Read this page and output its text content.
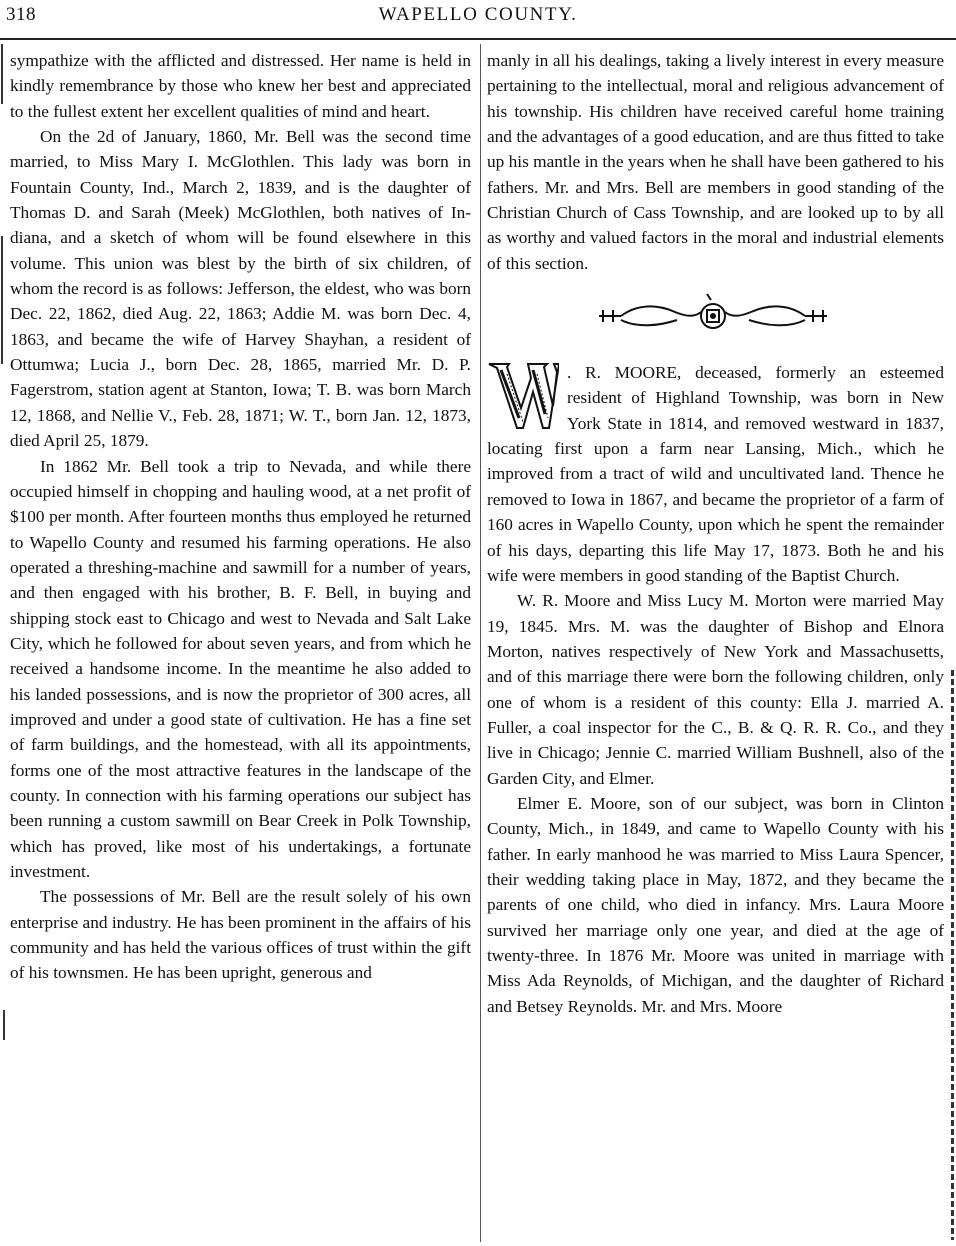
318	WAPELLO COUNTY.

sympathize with the afflicted and distressed. Her name is held in kindly remembrance by those who knew her best and appreciated to the fullest extent her excellent qualities of mind and heart.

On the 2d of January, 1860, Mr. Bell was the second time married, to Miss Mary I. McGlothlen. This lady was born in Fountain County, Ind., March 2, 1839, and is the daughter of Thomas D. and Sarah (Meek) McGlothlen, both natives of Indiana, and a sketch of whom will be found elsewhere in this volume. This union was blest by the birth of six children, of whom the record is as follows: Jefferson, the eldest, who was born Dec. 22, 1862, died Aug. 22, 1863; Addie M. was born Dec. 4, 1863, and became the wife of Harvey Shayhan, a resident of Ottumwa; Lucia J., born Dec. 28, 1865, married Mr. D. P. Fagerstrom, station agent at Stanton, Iowa; T. B. was born March 12, 1868, and Nellie V., Feb. 28, 1871; W. T., born Jan. 12, 1873, died April 25, 1879.

In 1862 Mr. Bell took a trip to Nevada, and while there occupied himself in chopping and hauling wood, at a net profit of $100 per month. After fourteen months thus employed he returned to Wapello County and resumed his farming operations. He also operated a threshing-machine and sawmill for a number of years, and then engaged with his brother, B. F. Bell, in buying and shipping stock east to Chicago and west to Nevada and Salt Lake City, which he followed for about seven years, and from which he received a handsome income. In the meantime he also added to his landed possessions, and is now the proprietor of 300 acres, all improved and under a good state of cultivation. He has a fine set of farm buildings, and the homestead, with all its appointments, forms one of the most attractive features in the landscape of the county. In connection with his farming operations our subject has been running a custom sawmill on Bear Creek in Polk Township, which has proved, like most of his undertakings, a fortunate investment.

The possessions of Mr. Bell are the result solely of his own enterprise and industry. He has been prominent in the affairs of his community and has held the various offices of trust within the gift of his townsmen. He has been upright, generous and

manly in all his dealings, taking a lively interest in every measure pertaining to the intellectual, moral and religious advancement of his township. His children have received careful home training and the advantages of a good education, and are thus fitted to take up his mantle in the years when he shall have been gathered to his fathers. Mr. and Mrs. Bell are members in good standing of the Christian Church of Cass Township, and are looked up to by all as worthy and valued factors in the moral and industrial elements of this section.

. R. MOORE, deceased, formerly an esteemed resident of Highland Township, was born in New York State in 1814, and removed westward in 1837, locating first upon a farm near Lansing, Mich., which he improved from a tract of wild and uncultivated land. Thence he removed to Iowa in 1867, and became the proprietor of a farm of 160 acres in Wapello County, upon which he spent the remainder of his days, departing this life May 17, 1873. Both he and his wife were members in good standing of the Baptist Church.

W. R. Moore and Miss Lucy M. Morton were married May 19, 1845. Mrs. M. was the daughter of Bishop and Elnora Morton, natives respectively of New York and Massachusetts, and of this marriage there were born the following children, only one of whom is a resident of this county: Ella J. married A. Fuller, a coal inspector for the C., B. & Q. R. R. Co., and they live in Chicago; Jennie C. married William Bushnell, also of the Garden City, and Elmer.

Elmer E. Moore, son of our subject, was born in Clinton County, Mich., in 1849, and came to Wapello County with his father. In early manhood he was married to Miss Laura Spencer, their wedding taking place in May, 1872, and they became the parents of one child, who died in infancy. Mrs. Laura Moore survived her marriage only one year, and died at the age of twenty-three. In 1876 Mr. Moore was united in marriage with Miss Ada Reynolds, of Michigan, and the daughter of Richard and Betsey Reynolds. Mr. and Mrs. Moore
